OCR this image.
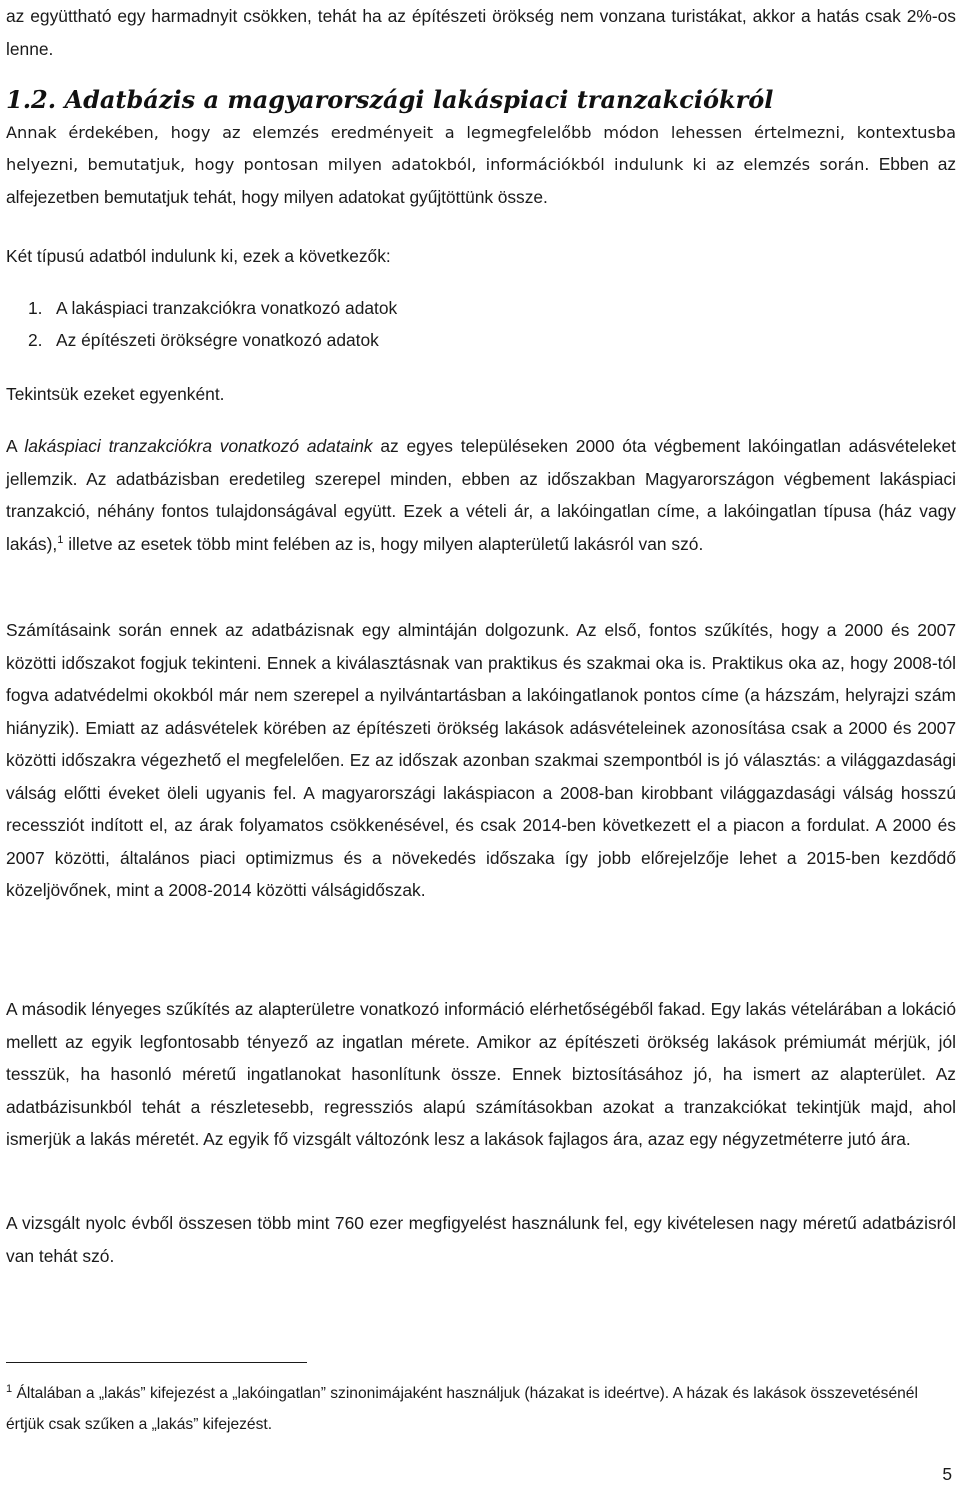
az együttható egy harmadnyit csökken, tehát ha az építészeti örökség nem vonzana turistákat, akkor a hatás csak 2%-os lenne.

1.2. Adatbázis a magyarországi lakáspiaci tranzakciókról

Annak érdekében, hogy az elemzés eredményeit a legmegfelelőbb módon lehessen értelmezni, kontextusba helyezni, bemutatjuk, hogy pontosan milyen adatokból, információkból indulunk ki az elemzés során. Ebben az alfejezetben bemutatjuk tehát, hogy milyen adatokat gyűjtöttünk össze.

Két típusú adatból indulunk ki, ezek a következők:

1. A lakáspiaci tranzakciókra vonatkozó adatok
2. Az építészeti örökségre vonatkozó adatok

Tekintsük ezeket egyenként.

A lakáspiaci tranzakciókra vonatkozó adataink az egyes településeken 2000 óta végbement lakóingatlan adásvételeket jellemzik. Az adatbázisban eredetileg szerepel minden, ebben az időszakban Magyarországon végbement lakáspiaci tranzakció, néhány fontos tulajdonságával együtt. Ezek a vételi ár, a lakóingatlan címe, a lakóingatlan típusa (ház vagy lakás),$^1$ illetve az esetek több mint felében az is, hogy milyen alapterületű lakásról van szó.

Számításaink során ennek az adatbázisnak egy almintáján dolgozunk. Az első, fontos szűkítés, hogy a 2000 és 2007 közötti időszakot fogjuk tekinteni. Ennek a kiválasztásnak van praktikus és szakmai oka is. Praktikus oka az, hogy 2008-tól fogva adatvédelmi okokból már nem szerepel a nyilvántartásban a lakóingatlanok pontos címe (a házszám, helyrajzi szám hiányzik). Emiatt az adásvételek körében az építészeti örökség lakások adásvételeinek azonosítása csak a 2000 és 2007 közötti időszakra végezhető el megfelelően. Ez az időszak azonban szakmai szempontból is jó választás: a világgazdasági válság előtti éveket öleli ugyanis fel. A magyarországi lakáspiacon a 2008-ban kirobbant világgazdasági válság hosszú recessziót indított el, az árak folyamatos csökkenésével, és csak 2014-ben következett el a piacon a fordulat. A 2000 és 2007 közötti, általános piaci optimizmus és a növekedés időszaka így jobb előrejelzője lehet a 2015-ben kezdődő közeljövőnek, mint a 2008-2014 közötti válságidőszak.

A második lényeges szűkítés az alapterületre vonatkozó információ elérhetőségéből fakad. Egy lakás vételárában a lokáció mellett az egyik legfontosabb tényező az ingatlan mérete. Amikor az építészeti örökség lakások prémiumát mérjük, jól tesszük, ha hasonló méretű ingatlanokat hasonlítunk össze. Ennek biztosításához jó, ha ismert az alapterület. Az adatbázisunkból tehát a részletesebb, regressziós alapú számításokban azokat a tranzakciókat tekintjük majd, ahol ismerjük a lakás méretét. Az egyik fő vizsgált változónk lesz a lakások fajlagos ára, azaz egy négyzetméterre jutó ára.

A vizsgált nyolc évből összesen több mint 760 ezer megfigyelést használunk fel, egy kivételesen nagy méretű adatbázisról van tehát szó.

$^1$ Általában a „lakás” kifejezést a „lakóingatlan” szinonimájaként használjuk (házakat is ideértve). A házak és lakások összevetésénél értjük csak szűken a „lakás” kifejezést.
5
